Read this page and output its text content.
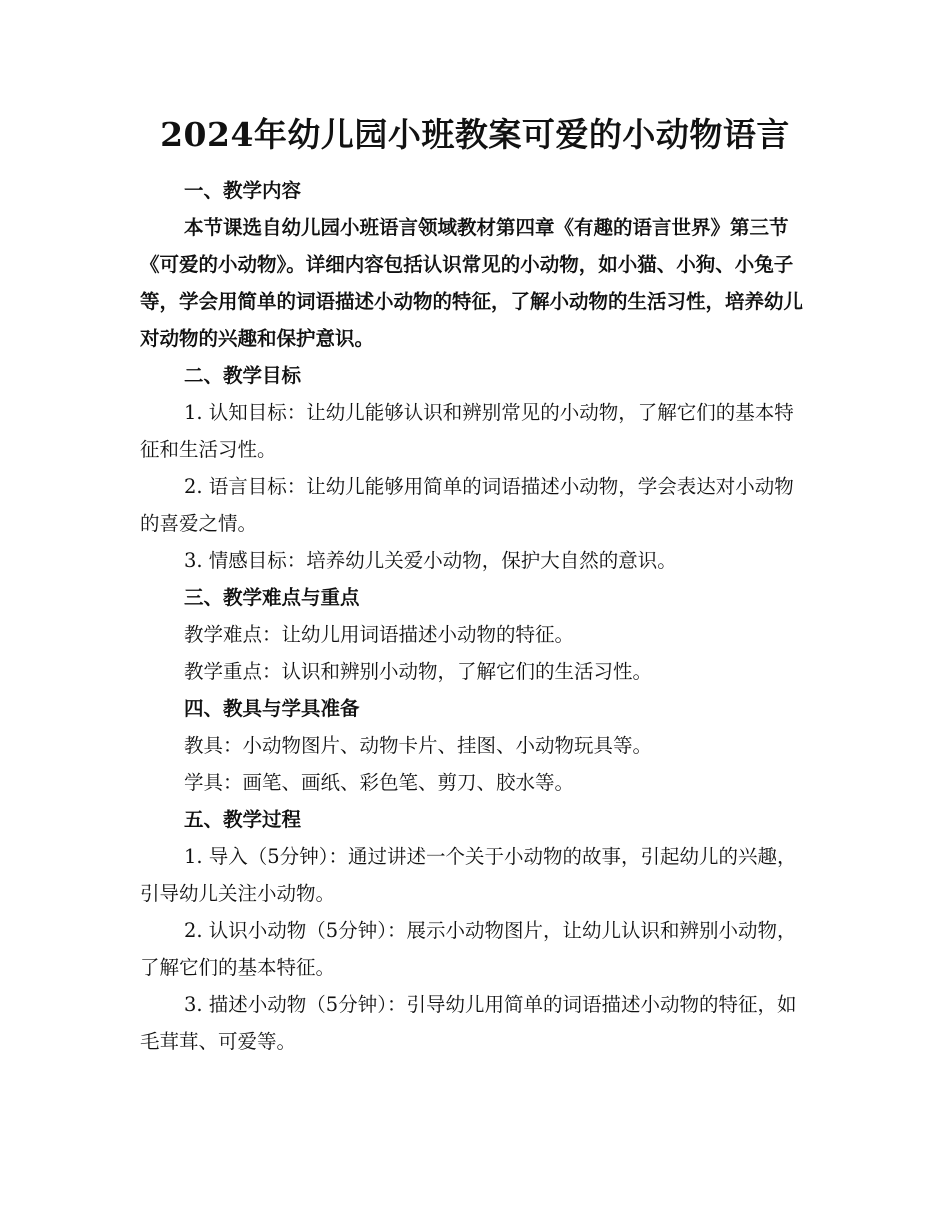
2024年幼儿园小班教案可爱的小动物语言

一、教学内容

本节课选自幼儿园小班语言领域教材第四章《有趣的语言世界》第三节《可爱的小动物》。详细内容包括认识常见的小动物，如小猫、小狗、小兔子等，学会用简单的词语描述小动物的特征，了解小动物的生活习性，培养幼儿对动物的兴趣和保护意识。

二、教学目标

1. 认知目标：让幼儿能够认识和辨别常见的小动物，了解它们的基本特征和生活习性。

2. 语言目标：让幼儿能够用简单的词语描述小动物，学会表达对小动物的喜爱之情。

3. 情感目标：培养幼儿关爱小动物，保护大自然的意识。

三、教学难点与重点

教学难点：让幼儿用词语描述小动物的特征。

教学重点：认识和辨别小动物，了解它们的生活习性。

四、教具与学具准备

教具：小动物图片、动物卡片、挂图、小动物玩具等。

学具：画笔、画纸、彩色笔、剪刀、胶水等。

五、教学过程

1. 导入（5分钟）：通过讲述一个关于小动物的故事，引起幼儿的兴趣，引导幼儿关注小动物。

2. 认识小动物（5分钟）：展示小动物图片，让幼儿认识和辨别小动物，了解它们的基本特征。

3. 描述小动物（5分钟）：引导幼儿用简单的词语描述小动物的特征，如毛茸茸、可爱等。
